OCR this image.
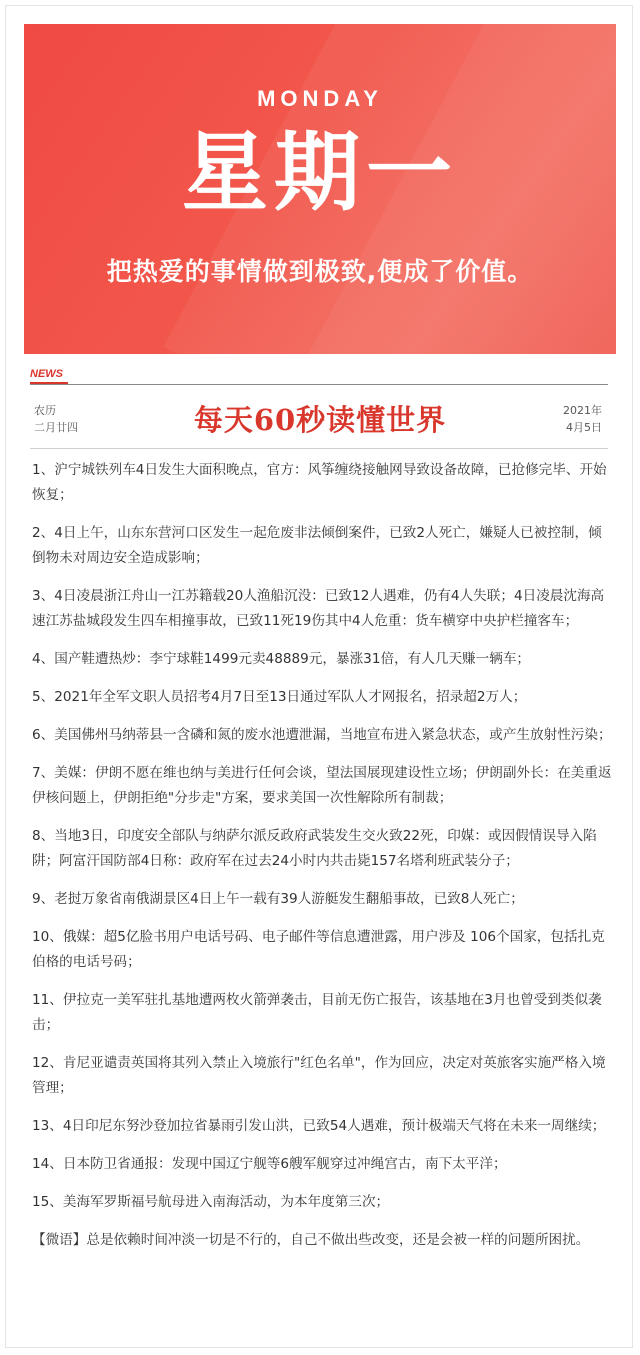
MONDAY
星期一
把热爱的事情做到极致,便成了价值。
NEWS
农历
二月廿四	每天60秒读懂世界	2021年
4月5日
1、沪宁城铁列车4日发生大面积晚点，官方：风筝缠绕接触网导致设备故障，已抢修完毕、开始恢复；
2、4日上午，山东东营河口区发生一起危废非法倾倒案件，已致2人死亡，嫌疑人已被控制，倾倒物未对周边安全造成影响；
3、4日凌晨浙江舟山一江苏籍载20人渔船沉没：已致12人遇难，仍有4人失联；4日凌晨沈海高速江苏盐城段发生四车相撞事故，已致11死19伤其中4人危重：货车横穿中央护栏撞客车；
4、国产鞋遭热炒：李宁球鞋1499元卖48889元，暴涨31倍，有人几天赚一辆车；
5、2021年全军文职人员招考4月7日至13日通过军队人才网报名，招录超2万人；
6、美国佛州马纳蒂县一含磷和氮的废水池遭泄漏，当地宣布进入紧急状态，或产生放射性污染；
7、美媒：伊朗不愿在维也纳与美进行任何会谈，望法国展现建设性立场；伊朗副外长：在美重返伊核问题上，伊朗拒绝"分步走"方案，要求美国一次性解除所有制裁；
8、当地3日，印度安全部队与纳萨尔派反政府武装发生交火致22死，印媒：或因假情误导入陷阱；阿富汗国防部4日称：政府军在过去24小时内共击毙157名塔利班武装分子；
9、老挝万象省南俄湖景区4日上午一载有39人游艇发生翻船事故，已致8人死亡；
10、俄媒：超5亿脸书用户电话号码、电子邮件等信息遭泄露，用户涉及 106个国家，包括扎克伯格的电话号码；
11、伊拉克一美军驻扎基地遭两枚火箭弹袭击，目前无伤亡报告，该基地在3月也曾受到类似袭击；
12、肯尼亚谴责英国将其列入禁止入境旅行"红色名单"，作为回应，决定对英旅客实施严格入境管理；
13、4日印尼东努沙登加拉省暴雨引发山洪，已致54人遇难，预计极端天气将在未来一周继续；
14、日本防卫省通报：发现中国辽宁舰等6艘军舰穿过冲绳宫古，南下太平洋；
15、美海军罗斯福号航母进入南海活动，为本年度第三次；
【微语】总是依赖时间冲淡一切是不行的，自己不做出些改变，还是会被一样的问题所困扰。
